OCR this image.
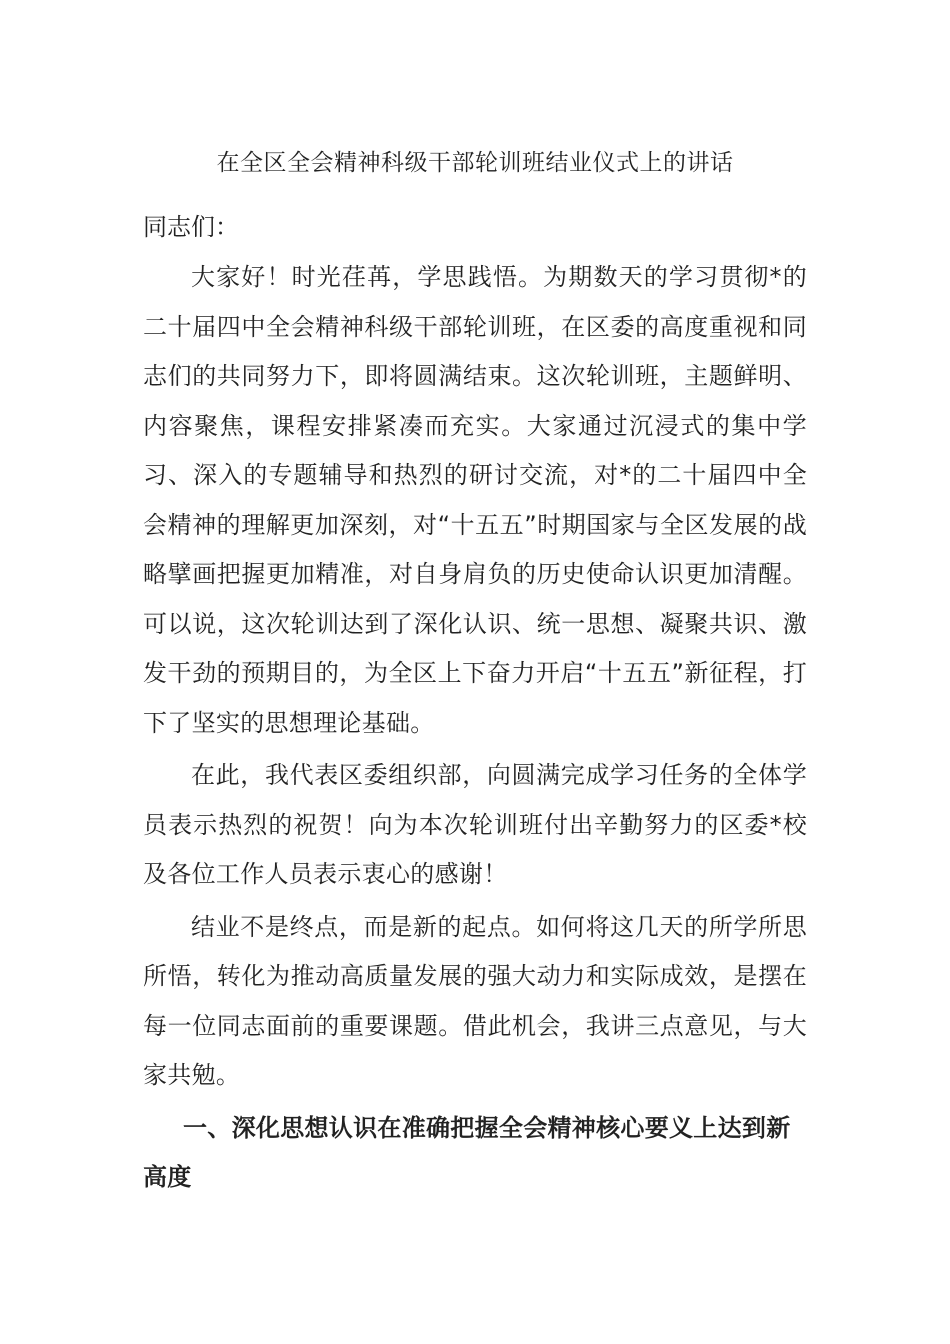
在全区全会精神科级干部轮训班结业仪式上的讲话
同志们：

大家好！时光荏苒，学思践悟。为期数天的学习贯彻*的二十届四中全会精神科级干部轮训班，在区委的高度重视和同志们的共同努力下，即将圆满结束。这次轮训班，主题鲜明、内容聚焦，课程安排紧凑而充实。大家通过沉浸式的集中学习、深入的专题辅导和热烈的研讨交流，对*的二十届四中全会精神的理解更加深刻，对“十五五”时期国家与全区发展的战略擘画把握更加精准，对自身肩负的历史使命认识更加清醒。可以说，这次轮训达到了深化认识、统一思想、凝聚共识、激发干劲的预期目的，为全区上下奋力开启“十五五”新征程，打下了坚实的思想理论基础。

在此，我代表区委组织部，向圆满完成学习任务的全体学员表示热烈的祝贺！向为本次轮训班付出辛勤努力的区委*校及各位工作人员表示衷心的感谢！

结业不是终点，而是新的起点。如何将这几天的所学所思所悟，转化为推动高质量发展的强大动力和实际成效，是摆在每一位同志面前的重要课题。借此机会，我讲三点意见，与大家共勉。

一、深化思想认识在准确把握全会精神核心要义上达到新高度
